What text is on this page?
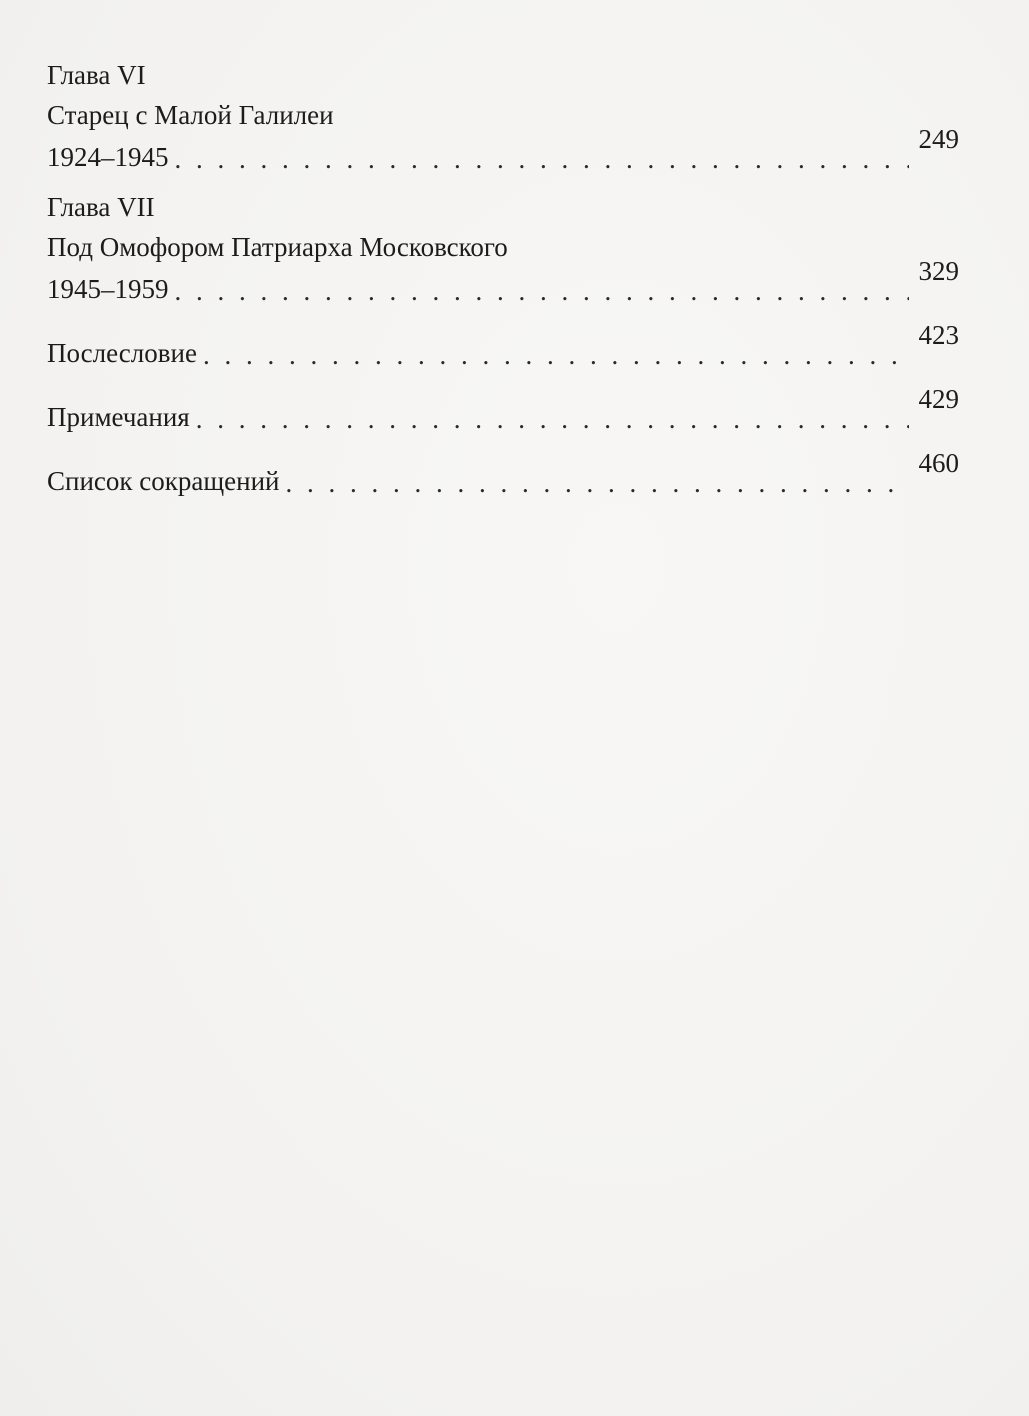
Глава VI
Старец с Малой Галилеи
1924–1945
. . .
249
Глава VII
Под Омофором Патриарха Московского
1945–1959
. . .
329
Послесловие
. . .
423
Примечания
. . .
429
Список сокращений
. . .
460
